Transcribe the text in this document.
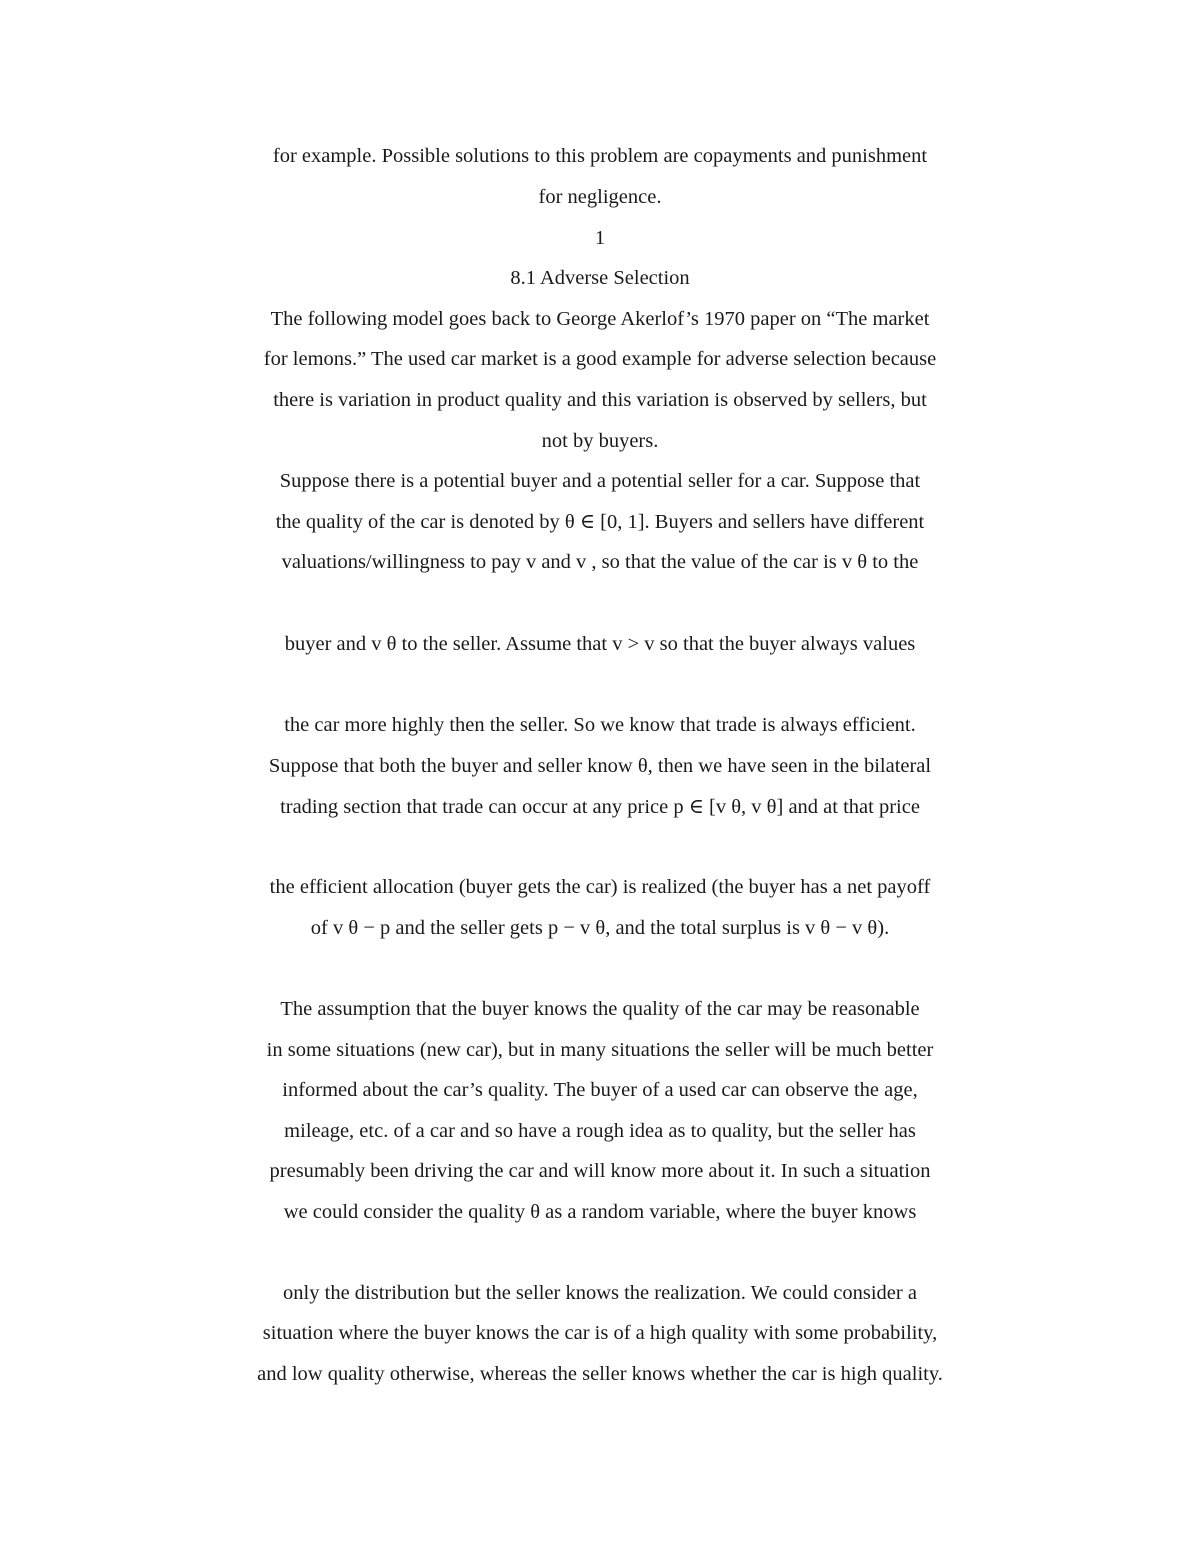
for example. Possible solutions to this problem are copayments and punishment
for negligence.
1
8.1 Adverse Selection
The following model goes back to George Akerlof’s 1970 paper on “The market
for lemons.” The used car market is a good example for adverse selection because
there is variation in product quality and this variation is observed by sellers, but
not by buyers.
Suppose there is a potential buyer and a potential seller for a car. Suppose that
the quality of the car is denoted by θ ∈ [0, 1]. Buyers and sellers have different
valuations/willingness to pay v and v , so that the value of the car is v θ to the
buyer and v θ to the seller. Assume that v > v so that the buyer always values
the car more highly then the seller. So we know that trade is always efficient.
Suppose that both the buyer and seller know θ, then we have seen in the bilateral
trading section that trade can occur at any price p ∈ [v θ, v θ] and at that price
the efficient allocation (buyer gets the car) is realized (the buyer has a net payoff
of v θ − p and the seller gets p − v θ, and the total surplus is v θ − v θ).
The assumption that the buyer knows the quality of the car may be reasonable
in some situations (new car), but in many situations the seller will be much better
informed about the car’s quality. The buyer of a used car can observe the age,
mileage, etc. of a car and so have a rough idea as to quality, but the seller has
presumably been driving the car and will know more about it. In such a situation
we could consider the quality θ as a random variable, where the buyer knows
only the distribution but the seller knows the realization. We could consider a
situation where the buyer knows the car is of a high quality with some probability,
and low quality otherwise, whereas the seller knows whether the car is high quality.
